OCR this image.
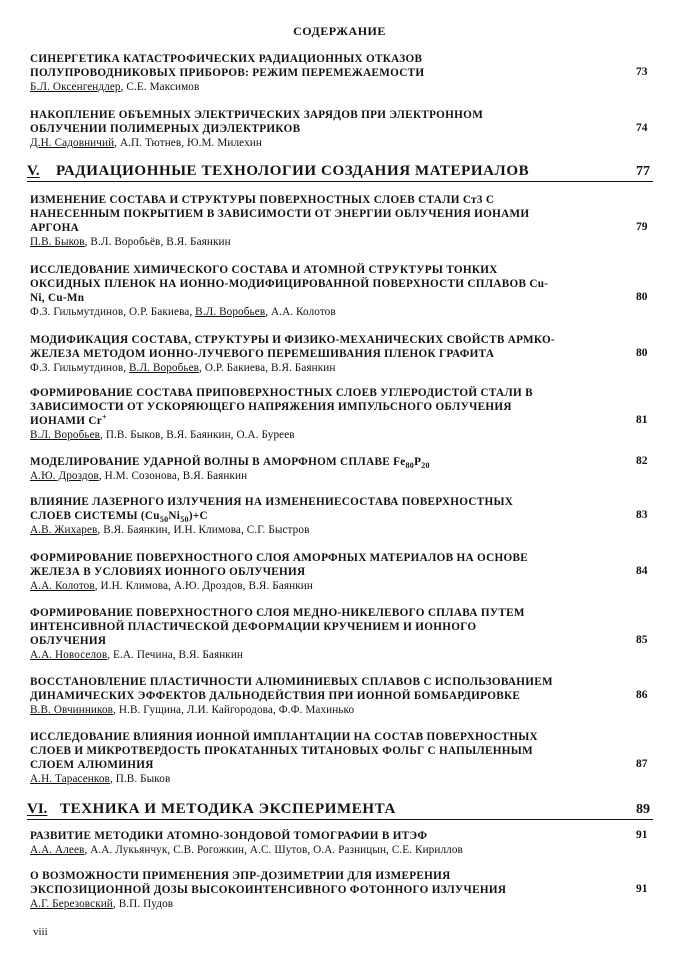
СОДЕРЖАНИЕ
СИНЕРГЕТИКА КАТАСТРОФИЧЕСКИХ РАДИАЦИОННЫХ ОТКАЗОВ
ПОЛУПРОВОДНИКОВЫХ ПРИБОРОВ: РЕЖИМ ПЕРЕМЕЖАЕМОСТИ
Б.Л. Оксенгендлер, С.Е. Максимов
73
НАКОПЛЕНИЕ ОБЪЕМНЫХ ЭЛЕКТРИЧЕСКИХ ЗАРЯДОВ ПРИ ЭЛЕКТРОННОМ
ОБЛУЧЕНИИ ПОЛИМЕРНЫХ ДИЭЛЕКТРИКОВ
Д.Н. Садовничий, А.П. Тютнев, Ю.М. Милехин
74
V. РАДИАЦИОННЫЕ ТЕХНОЛОГИИ СОЗДАНИЯ МАТЕРИАЛОВ	77
ИЗМЕНЕНИЕ СОСТАВА И СТРУКТУРЫ ПОВЕРХНОСТНЫХ СЛОЕВ СТАЛИ Ст3 С
НАНЕСЕННЫМ ПОКРЫТИЕМ В ЗАВИСИМОСТИ ОТ ЭНЕРГИИ ОБЛУЧЕНИЯ ИОНАМИ
АРГОНА
П.В. Быков, В.Л. Воробьёв, В.Я. Баянкин
79
ИССЛЕДОВАНИЕ ХИМИЧЕСКОГО СОСТАВА И АТОМНОЙ СТРУКТУРЫ ТОНКИХ
ОКСИДНЫХ ПЛЕНОК НА ИОННО-МОДИФИЦИРОВАННОЙ ПОВЕРХНОСТИ СПЛАВОВ Cu-
Ni, Cu-Mn
Ф.З. Гильмутдинов, О.Р. Бакиева, В.Л. Воробьев, А.А. Колотов
80
МОДИФИКАЦИЯ СОСТАВА, СТРУКТУРЫ И ФИЗИКО-МЕХАНИЧЕСКИХ СВОЙСТВ АРМКО-
ЖЕЛЕЗА МЕТОДОМ ИОННО-ЛУЧЕВОГО ПЕРЕМЕШИВАНИЯ ПЛЕНОК ГРАФИТА
Ф.З. Гильмутдинов, В.Л. Воробьев, О.Р. Бакиева, В.Я. Баянкин
80
ФОРМИРОВАНИЕ СОСТАВА ПРИПОВЕРХНОСТНЫХ СЛОЕВ УГЛЕРОДИСТОЙ СТАЛИ В
ЗАВИСИМОСТИ ОТ УСКОРЯЮЩЕГО НАПРЯЖЕНИЯ ИМПУЛЬСНОГО ОБЛУЧЕНИЯ
ИОНАМИ Cr+
В.Л. Воробьев, П.В. Быков, В.Я. Баянкин, О.А. Буреев
81
МОДЕЛИРОВАНИЕ УДАРНОЙ ВОЛНЫ В АМОРФНОМ СПЛАВЕ $Fe_{80}P_{20}$
А.Ю. Дроздов, Н.М. Созонова, В.Я. Баянкин
82
ВЛИЯНИЕ ЛАЗЕРНОГО ИЗЛУЧЕНИЯ НА ИЗМЕНЕНИЕСОСТАВА ПОВЕРХНОСТНЫХ
СЛОЕВ СИСТЕМЫ $(Cu_{50}Ni_{50})+C$
А.В. Жихарев, В.Я. Баянкин, И.Н. Климова, С.Г. Быстров
83
ФОРМИРОВАНИЕ ПОВЕРХНОСТНОГО СЛОЯ АМОРФНЫХ МАТЕРИАЛОВ НА ОСНОВЕ
ЖЕЛЕЗА В УСЛОВИЯХ ИОННОГО ОБЛУЧЕНИЯ
А.А. Колотов, И.Н. Климова, А.Ю. Дроздов, В.Я. Баянкин
84
ФОРМИРОВАНИЕ ПОВЕРХНОСТНОГО СЛОЯ МЕДНО-НИКЕЛЕВОГО СПЛАВА ПУТЕМ
ИНТЕНСИВНОЙ ПЛАСТИЧЕСКОЙ ДЕФОРМАЦИИ КРУЧЕНИЕМ И ИОННОГО
ОБЛУЧЕНИЯ
А.А. Новоселов, Е.А. Печина, В.Я. Баянкин
85
ВОССТАНОВЛЕНИЕ ПЛАСТИЧНОСТИ АЛЮМИНИЕВЫХ СПЛАВОВ С ИСПОЛЬЗОВАНИЕМ
ДИНАМИЧЕСКИХ ЭФФЕКТОВ ДАЛЬНОДЕЙСТВИЯ ПРИ ИОННОЙ БОМБАРДИРОВКЕ
В.В. Овчинников, Н.В. Гущина, Л.И. Кайгородова, Ф.Ф. Махинько
86
ИССЛЕДОВАНИЕ ВЛИЯНИЯ ИОННОЙ ИМПЛАНТАЦИИ НА СОСТАВ ПОВЕРХНОСТНЫХ
СЛОЕВ И МИКРОТВЕРДОСТЬ ПРОКАТАННЫХ ТИТАНОВЫХ ФОЛЬГ С НАПЫЛЕННЫМ
СЛОЕМ АЛЮМИНИЯ
А.Н. Тарасенков, П.В. Быков
87
VI. ТЕХНИКА И МЕТОДИКА ЭКСПЕРИМЕНТА	89
РАЗВИТИЕ МЕТОДИКИ АТОМНО-ЗОНДОВОЙ ТОМОГРАФИИ В ИТЭФ
А.А. Алеев, А.А. Лукьянчук, С.В. Рогожкин, А.С. Шутов, О.А. Разницын, С.Е. Кириллов
91
О ВОЗМОЖНОСТИ ПРИМЕНЕНИЯ ЭПР-ДОЗИМЕТРИИ ДЛЯ ИЗМЕРЕНИЯ
ЭКСПОЗИЦИОННОЙ ДОЗЫ ВЫСОКОИНТЕНСИВНОГО ФОТОННОГО ИЗЛУЧЕНИЯ
А.Г. Березовский, В.П. Пудов
91
viii
